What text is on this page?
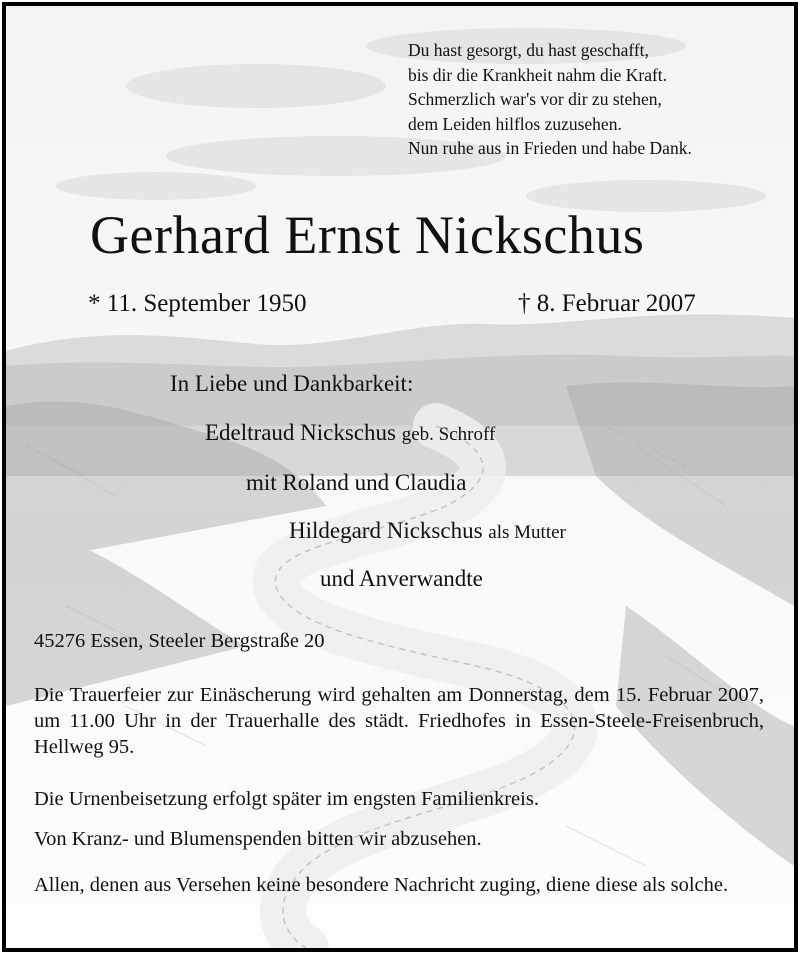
Du hast gesorgt, du hast geschafft,
bis dir die Krankheit nahm die Kraft.
Schmerzlich war's vor dir zu stehen,
dem Leiden hilflos zuzusehen.
Nun ruhe aus in Frieden und habe Dank.
Gerhard Ernst Nickschus
* 11. September 1950	† 8. Februar 2007
In Liebe und Dankbarkeit:
Edeltraud Nickschus geb. Schroff
mit Roland und Claudia
Hildegard Nickschus als Mutter
und Anverwandte
45276 Essen, Steeler Bergstraße 20
Die Trauerfeier zur Einäscherung wird gehalten am Donnerstag, dem 15. Februar 2007, um 11.00 Uhr in der Trauerhalle des städt. Friedhofes in Essen-Steele-Freisenbruch, Hellweg 95.
Die Urnenbeisetzung erfolgt später im engsten Familienkreis.
Von Kranz- und Blumenspenden bitten wir abzusehen.
Allen, denen aus Versehen keine besondere Nachricht zuging, diene diese als solche.
